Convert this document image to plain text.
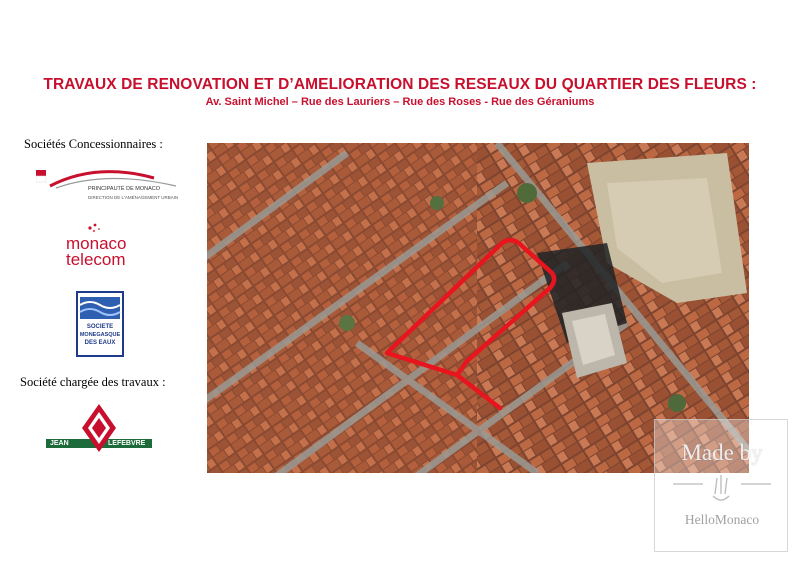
TRAVAUX DE RENOVATION ET D’AMELIORATION DES RESEAUX DU QUARTIER DES FLEURS :
Av. Saint Michel – Rue des Lauriers – Rue des Roses - Rue des Géraniums
Sociétés Concessionnaires :
PRINCIPAUTÉ DE MONACO
DIRECTION DE L'AMÉNAGEMENT URBAIN
monaco
telecom
SOCIETE
MONEGASQUE
DES EAUX
Société chargée des travaux :
JEAN	LEFEBVRE	Made by
HelloMonaco
